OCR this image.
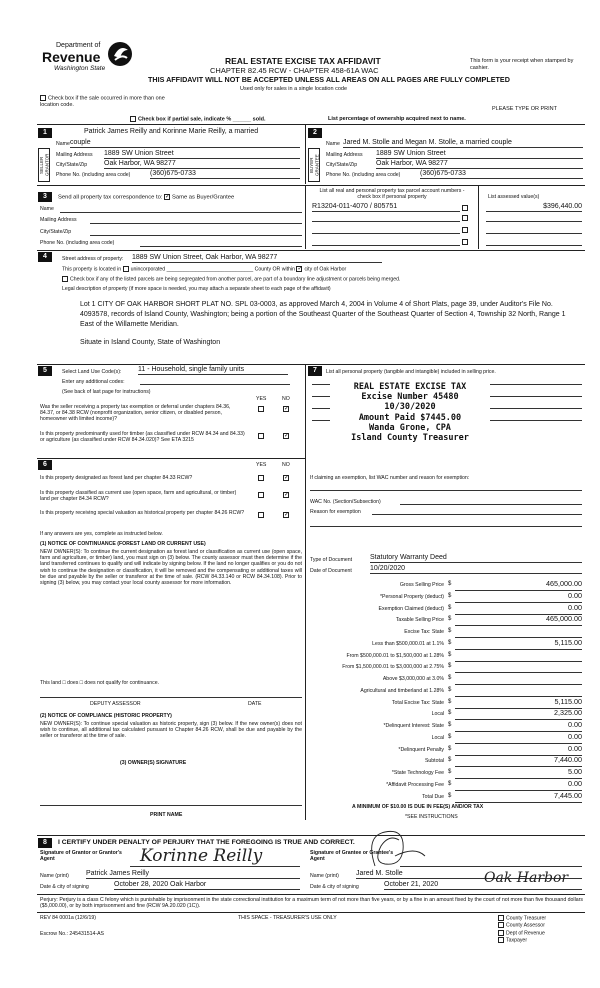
Department of
Revenue
Washington State
REAL ESTATE EXCISE TAX AFFIDAVIT
CHAPTER 82.45 RCW - CHAPTER 458-61A WAC
THIS AFFIDAVIT WILL NOT BE ACCEPTED UNLESS ALL AREAS ON ALL PAGES ARE FULLY COMPLETED
Used only for sales in a single location code
This form is your receipt when stamped by cashier.
Check box if the sale occurred in more than one location code.
PLEASE TYPE OR PRINT
Check box if partial sale, indicate % ______ sold.	List percentage of ownership acquired next to name.
1
SELLER GRANTOR
Patrick James Reilly and Korinne Marie Reilly, a married
Name couple
Mailing Address 1889 SW Union Street
City/State/Zip Oak Harbor, WA 98277
Phone No. (including area code)	(360)675-0733
2
BUYER GRANTEE
Name Jared M. Stolle and Megan M. Stolle, a married couple
Mailing Address 1889 SW Union Street
City/State/Zip	Oak Harbor, WA 98277
Phone No. (including area code)	(360)675-0733
3	Send all property tax correspondence to: ✓ Same as Buyer/Grantee
Name
Mailing Address
City/State/Zip
Phone No. (including area code)
List all real and personal property tax parcel account numbers - check box if personal property	List assessed value(s)
R13204-011-4070 / 805751	$396,440.00
4	Street address of property: 1889 SW Union Street, Oak Harbor, WA 98277
This property is located in unincorporated ______________________________ County OR within ✓ city of Oak Harbor
Check box if any of the listed parcels are being segregated from another parcel, are part of a boundary line adjustment or parcels being merged.
Legal description of property (if more space is needed, you may attach a separate sheet to each page of the affidavit)
Lot 1 CITY OF OAK HARBOR SHORT PLAT NO. SPL 03-0003, as approved March 4, 2004 in Volume 4 of Short Plats, page 39, under Auditor's File No. 4093578, records of Island County, Washington; being a portion of the Southeast Quarter of the Southeast Quarter of Section 4, Township 32 North, Range 1 East of the Willamette Meridian.
Situate in Island County, State of Washington
5	Select Land Use Code(s): 11 - Household, single family units
Enter any additional codes:
(See back of last page for instructions)
YES	NO
Was the seller receiving a property tax exemption or deferral under chapters 84.36, 84.37, or 84.38 RCW (nonprofit organization, senior citizen, or disabled person, homeowner with limited income)?
✓
Is this property predominantly used for timber (as classified under RCW 84.34 and 84.33) or agriculture (as classified under RCW 84.34.020)? See ETA 3215
✓
7	List all personal property (tangible and intangible) included in selling price.
REAL ESTATE EXCISE TAX
Excise Number 45480
10/30/2020
Amount Paid $7445.00
Wanda Grone, CPA
Island County Treasurer
6	YES	NO
Is this property designated as forest land per chapter 84.33 RCW?
✓
Is this property classified as current use (open space, farm and agricultural, or timber) land per chapter 84.34 RCW?
✓
Is this property receiving special valuation as historical property per chapter 84.26 RCW?
✓
If any answers are yes, complete as instructed below.
(1) NOTICE OF CONTINUANCE (FOREST LAND OR CURRENT USE)
NEW OWNER(S): To continue the current designation as forest land or classification as current use (open space, farm and agriculture, or timber) land, you must sign on (3) below. The county assessor must then determine if the land transferred continues to qualify and will indicate by signing below. If the land no longer qualifies or you do not wish to continue the designation or classification, it will be removed and the compensating or additional taxes will be due and payable by the seller or transferor at the time of sale. (RCW 84.33.140 or RCW 84.34.108). Prior to signing (3) below, you may contact your local county assessor for more information.
This land □ does □ does not qualify for continuance.
DEPUTY ASSESSOR	DATE
(2) NOTICE OF COMPLIANCE (HISTORIC PROPERTY)
NEW OWNER(S): To continue special valuation as historic property, sign (3) below. If the new owner(s) does not wish to continue, all additional tax calculated pursuant to Chapter 84.26 RCW, shall be due and payable by the seller or transferor at the time of sale.
(3) OWNER(S) SIGNATURE
PRINT NAME
If claiming an exemption, list WAC number and reason for exemption:
WAC No. (Section/Subsection)
Reason for exemption
Type of Document	Statutory Warranty Deed
Date of Document	10/20/2020
Gross Selling Price $	465,000.00
*Personal Property (deduct) $	0.00
Exemption Claimed (deduct) $	0.00
Taxable Selling Price $	465,000.00
Excise Tax: State $
Less than $500,000.01 at 1.1% $	5,115.00
From $500,000.01 to $1,500,000 at 1.28% $
From $1,500,000.01 to $3,000,000 at 2.75% $
Above $3,000,000 at 3.0% $
Agricultural and timberland at 1.28% $
Total Excise Tax: State $	5,115.00
Local $	2,325.00
*Delinquent Interest: State $	0.00
Local $	0.00
*Delinquent Penalty $	0.00
Subtotal $	7,440.00
*State Technology Fee $	5.00
*Affidavit Processing Fee $	0.00
Total Due $	7,445.00
A MINIMUM OF $10.00 IS DUE IN FEE(S) AND/OR TAX
*SEE INSTRUCTIONS
8	I CERTIFY UNDER PENALTY OF PERJURY THAT THE FOREGOING IS TRUE AND CORRECT.
Signature of Grantor or Grantor's Agent	Korinne Reilly
Name (print) Patrick James Reilly
Date & city of signing	October 28, 2020 Oak Harbor
Signature of Grantee or Grantee's Agent
Name (print) Jared M. Stolle
Date & city of signing	October 21, 2020	Oak Harbor
Perjury: Perjury is a class C felony which is punishable by imprisonment in the state correctional institution for a maximum term of not more than five years, or by a fine in an amount fixed by the court of not more than five thousand dollars ($5,000.00), or by both imprisonment and fine (RCW 9A.20.020 (1C)).
REV 84 0001a (12/6/19)	THIS SPACE - TREASURER'S USE ONLY
Escrow No.: 245431514-AS
County Treasurer
County Assessor
Dept of Revenue
Taxpayer
